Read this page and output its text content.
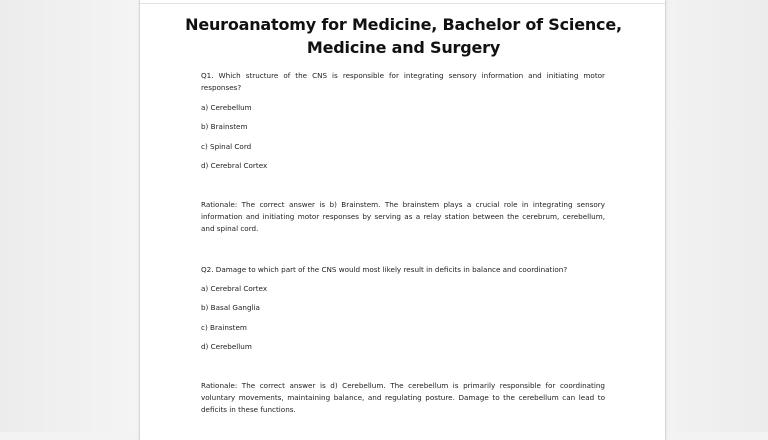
Neuroanatomy for Medicine, Bachelor of Science,
Medicine and Surgery

Q1. Which structure of the CNS is responsible for integrating sensory information and initiating motor responses?

a) Cerebellum
b) Brainstem
c) Spinal Cord
d) Cerebral Cortex

Rationale: The correct answer is b) Brainstem. The brainstem plays a crucial role in integrating sensory information and initiating motor responses by serving as a relay station between the cerebrum, cerebellum, and spinal cord.

Q2. Damage to which part of the CNS would most likely result in deficits in balance and coordination?

a) Cerebral Cortex
b) Basal Ganglia
c) Brainstem
d) Cerebellum

Rationale: The correct answer is d) Cerebellum. The cerebellum is primarily responsible for coordinating voluntary movements, maintaining balance, and regulating posture. Damage to the cerebellum can lead to deficits in these functions.
